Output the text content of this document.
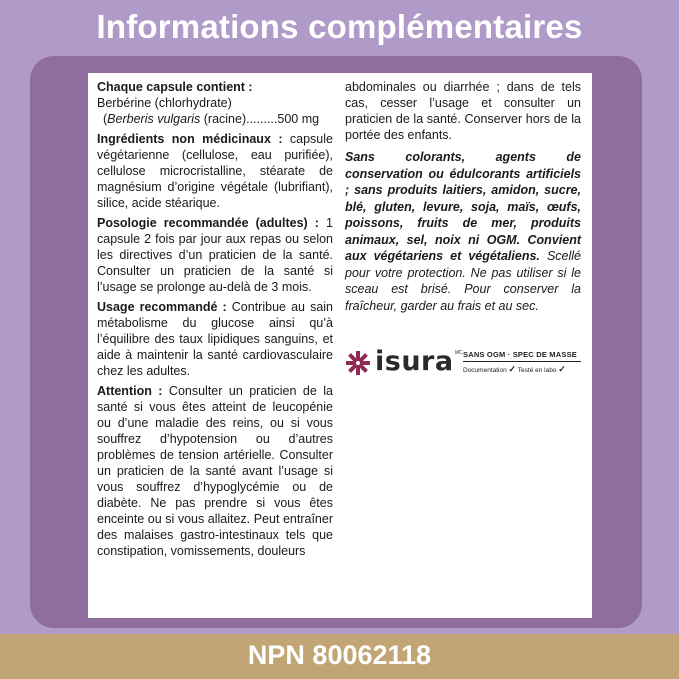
Informations complémentaires

Chaque capsule contient :

Berbérine (chlorhydrate)

(Berberis vulgaris (racine).........500 mg

Ingrédients non médicinaux : capsule végétarienne (cellulose, eau purifiée), cellulose microcristalline, stéarate de magnésium d’origine végétale (lubrifiant), silice, acide stéarique.

Posologie recommandée (adultes) : 1 capsule 2 fois par jour aux repas ou selon les directives d’un praticien de la santé. Consulter un praticien de la santé si l’usage se prolonge au-delà de 3 mois.

Usage recommandé : Contribue au sain métabolisme du glucose ainsi qu’à l’équilibre des taux lipidiques sanguins, et aide à maintenir la santé cardiovasculaire chez les adultes.

Attention : Consulter un praticien de la santé si vous êtes atteint de leucopénie ou d’une maladie des reins, ou si vous souffrez d’hypotension ou d’autres problèmes de tension artérielle. Consulter un praticien de la santé avant l’usage si vous souffrez d’hypoglycémie ou de diabète. Ne pas prendre si vous êtes enceinte ou si vous allaitez. Peut entraîner des malaises gastro-intestinaux tels que constipation, vomissements, douleurs

abdominales ou diarrhée ; dans de tels cas, cesser l’usage et consulter un praticien de la santé. Conserver hors de la portée des enfants.

Sans colorants, agents de conservation ou édulcorants artificiels ; sans produits laitiers, amidon, sucre, blé, gluten, levure, soja, maïs, œufs, poissons, fruits de mer, produits animaux, sel, noix ni OGM. Convient aux végétariens et végétaliens. Scellé pour votre protection. Ne pas utiliser si le sceau est brisé. Pour conserver la fraîcheur, garder au frais et au sec.

isura MC SANS OGM · SPEC DE MASSE
Documentation ✓ Testé en labo ✓
NPN 80062118
